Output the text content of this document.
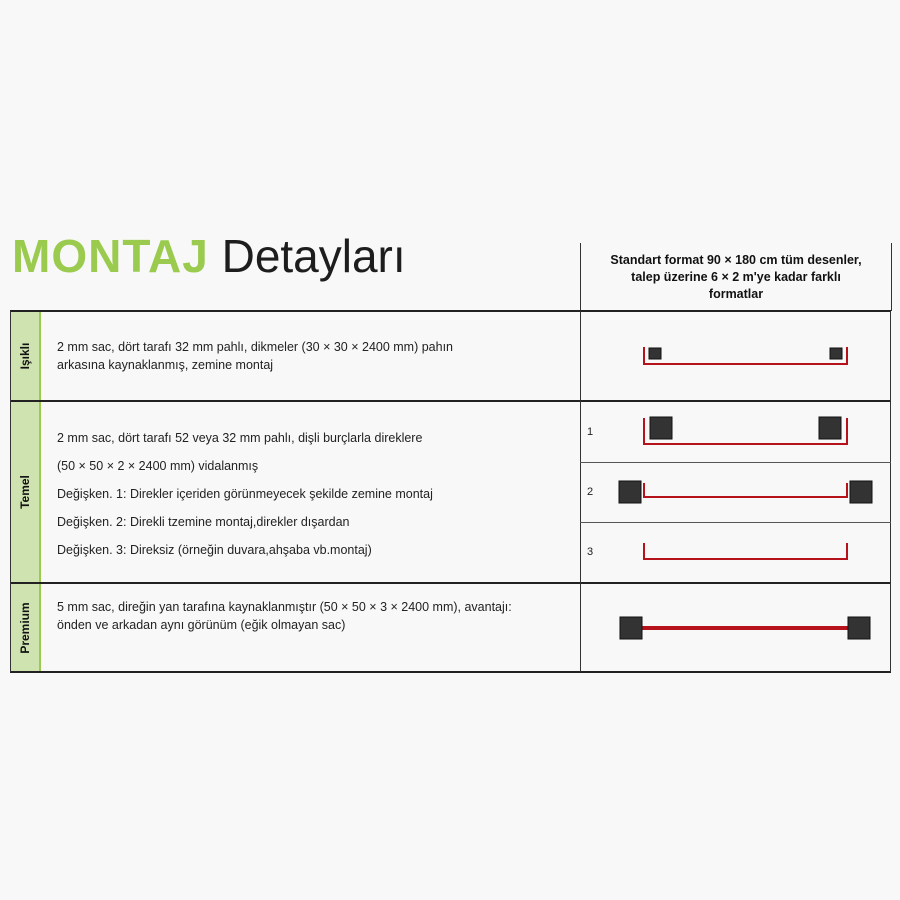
MONTAJ Detayları	Standart format 90 × 180 cm tüm desenler,
talep üzerine 6 × 2 m'ye kadar farklı
formatlar
Işıklı
Temel
Premium
2 mm sac, dört tarafı 32 mm pahlı, dikmeler (30 × 30 × 2400 mm) pahın
arkasına kaynaklanmış, zemine montaj
2 mm sac, dört tarafı 52 veya 32 mm pahlı, dişli burçlarla direklere
(50 × 50 × 2 × 2400 mm) vidalanmış
Değişken. 1: Direkler içeriden görünmeyecek şekilde zemine montaj
Değişken. 2: Direkli tzemine montaj,direkler dışardan
Değişken. 3: Direksiz (örneğin duvara,ahşaba vb.montaj)
5 mm sac, direğin yan tarafına kaynaklanmıştır (50 × 50 × 3 × 2400 mm), avantajı:
önden ve arkadan aynı görünüm (eğik olmayan sac)
1
2
3
